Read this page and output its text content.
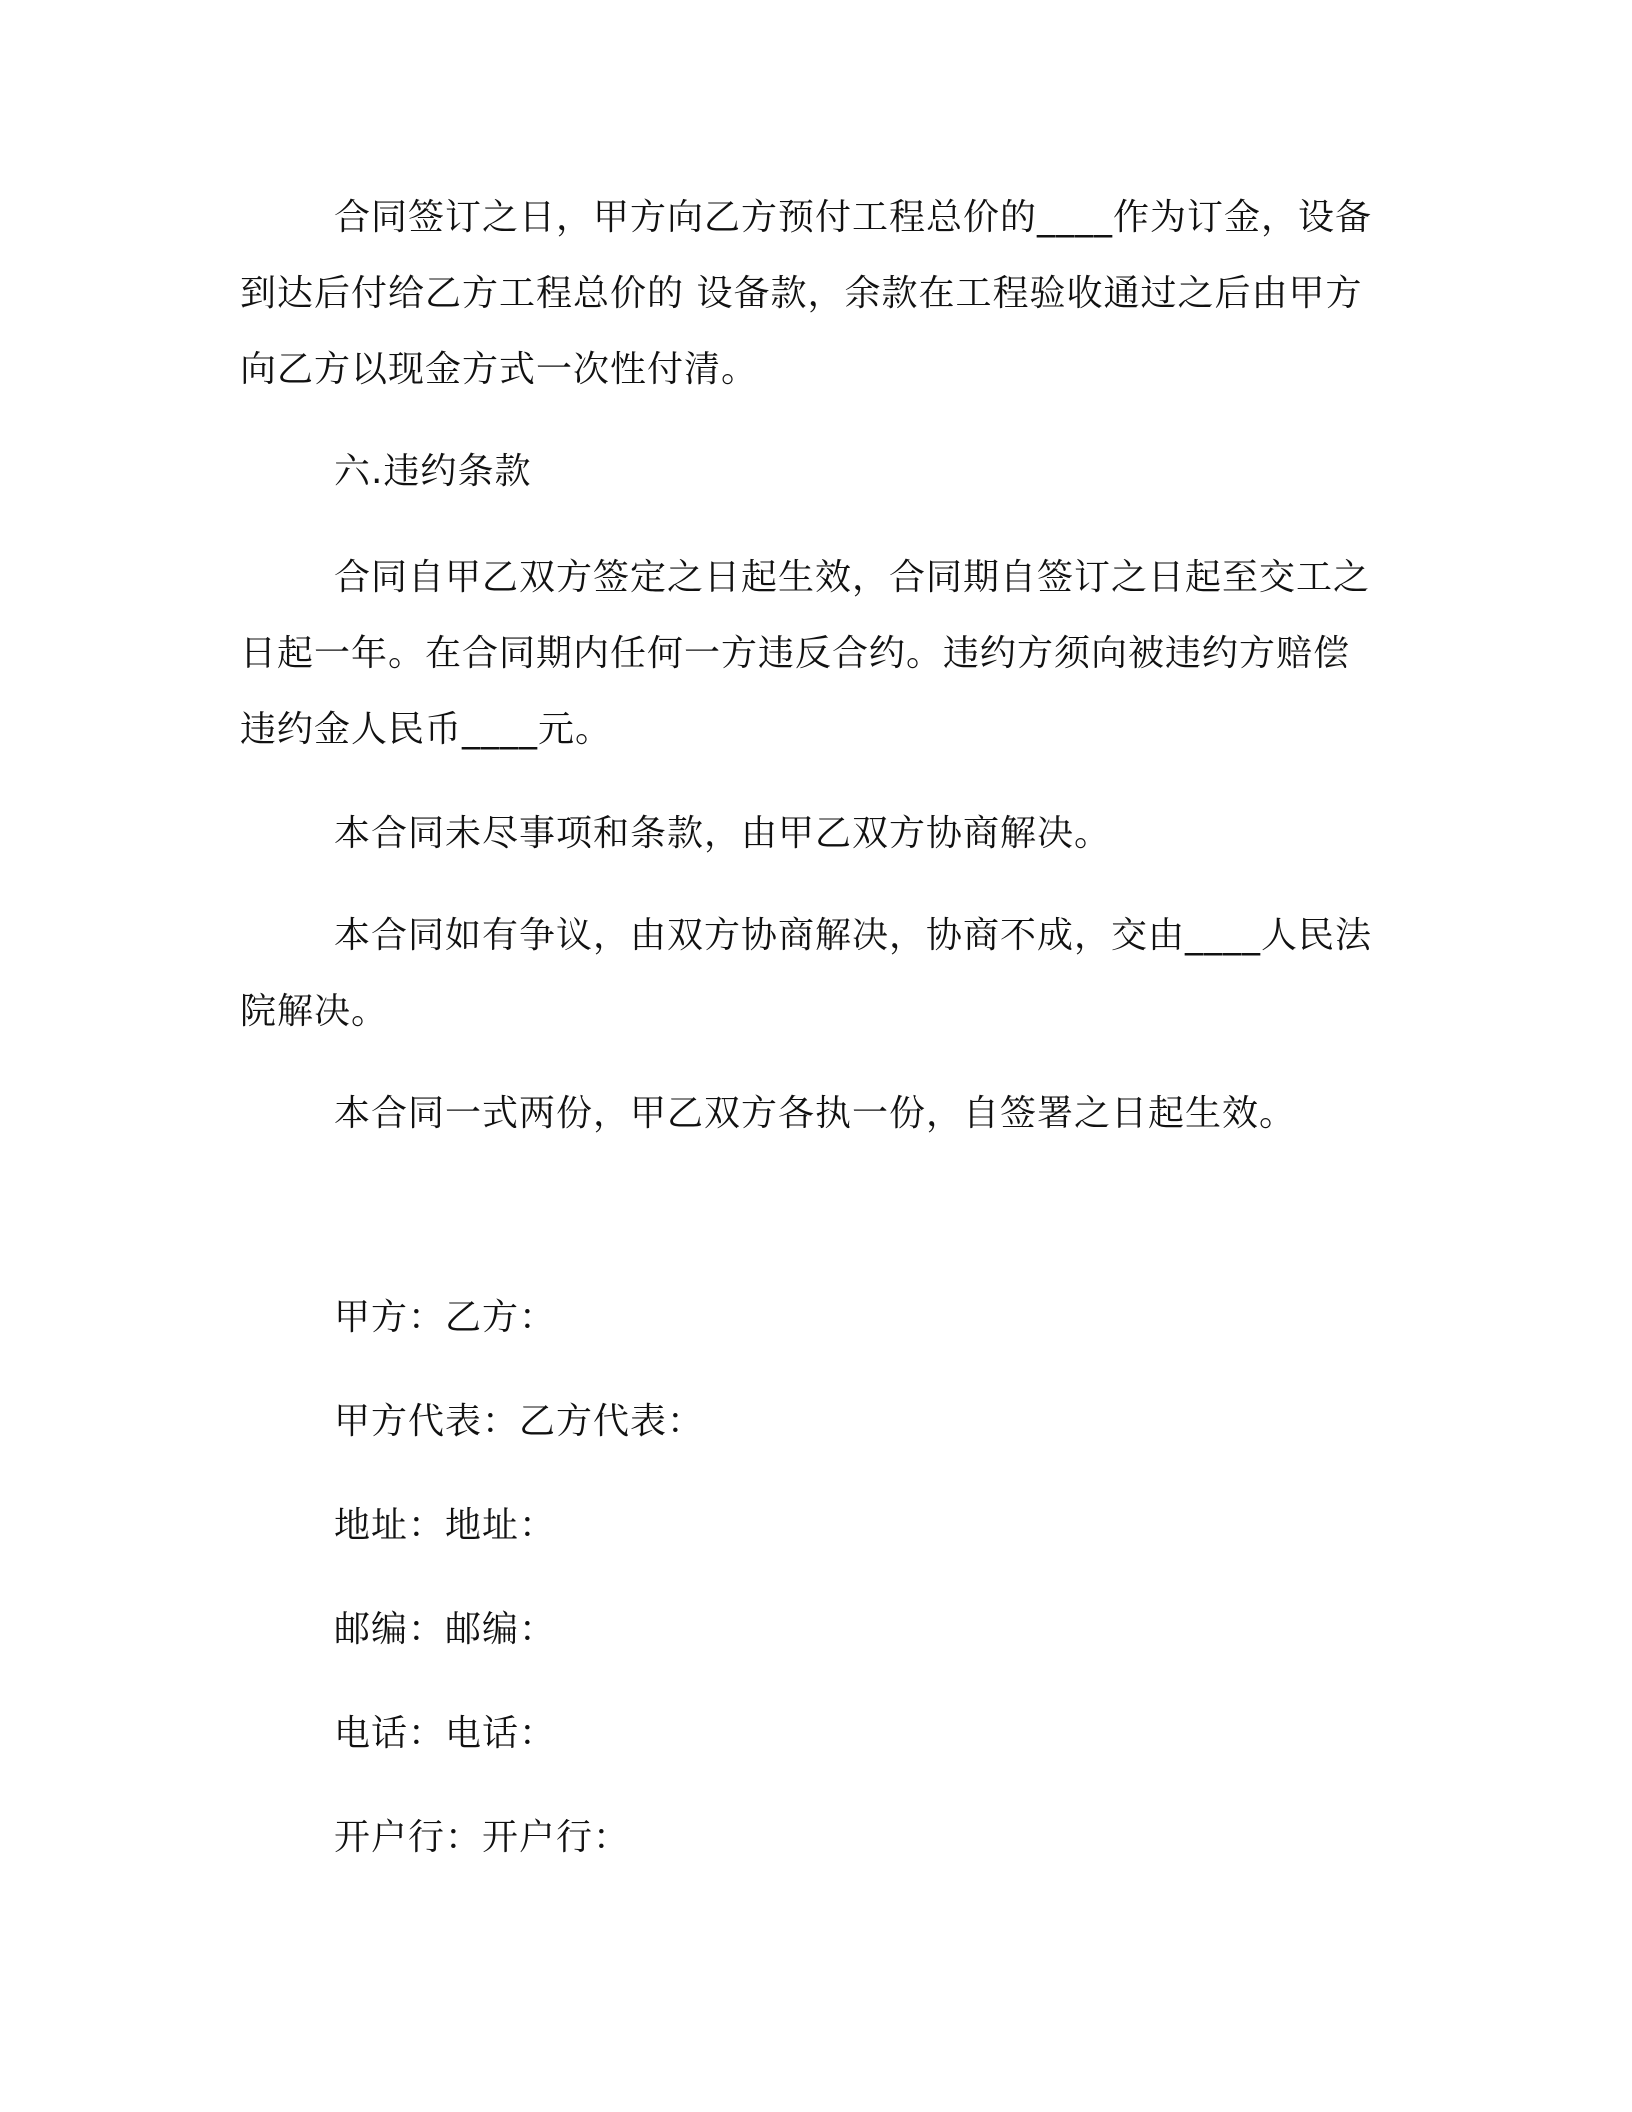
合同签订之日，甲方向乙方预付工程总价的____作为订金，设备
到达后付给乙方工程总价的 设备款，余款在工程验收通过之后由甲方
向乙方以现金方式一次性付清。
六.违约条款
合同自甲乙双方签定之日起生效，合同期自签订之日起至交工之
日起一年。在合同期内任何一方违反合约。违约方须向被违约方赔偿
违约金人民币____元。
本合同未尽事项和条款，由甲乙双方协商解决。
本合同如有争议，由双方协商解决，协商不成，交由____人民法
院解决。
本合同一式两份，甲乙双方各执一份，自签署之日起生效。
甲方：乙方：
甲方代表：乙方代表：
地址：地址：
邮编：邮编：
电话：电话：
开户行：开户行：
